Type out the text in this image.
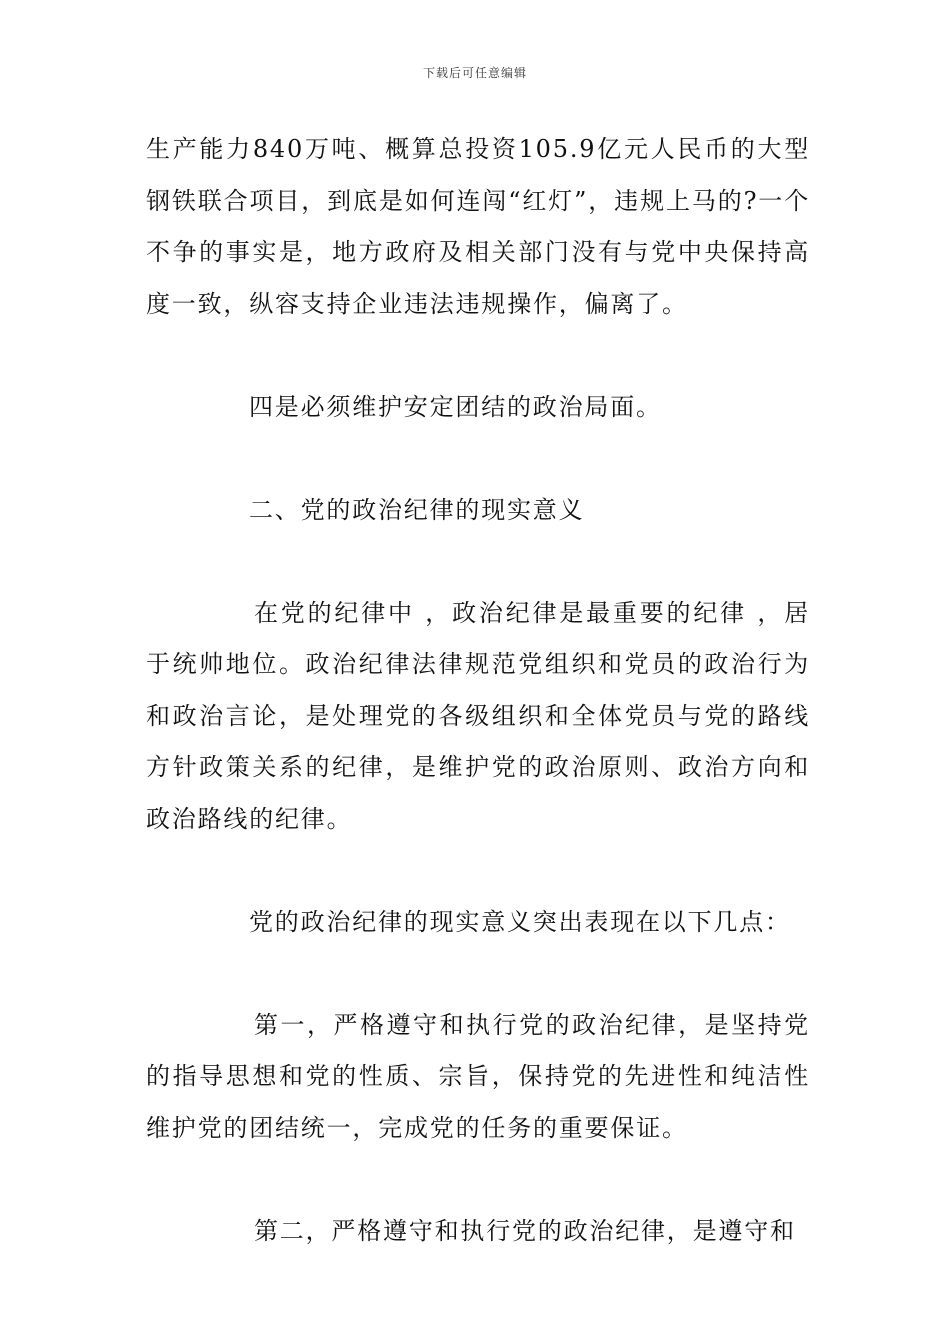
下载后可任意编辑

生产能力840万吨、概算总投资105.9亿元人民币的大型钢铁联合项目，到底是如何连闯“红灯”，违规上马的?一个不争的事实是，地方政府及相关部门没有与党中央保持高度一致，纵容支持企业违法违规操作，偏离了。

四是必须维护安定团结的政治局面。

二、党的政治纪律的现实意义

在党的纪律中 ，政治纪律是最重要的纪律 ，居于统帅地位。政治纪律法律规范党组织和党员的政治行为和政治言论，是处理党的各级组织和全体党员与党的路线方针政策关系的纪律，是维护党的政治原则、政治方向和政治路线的纪律。

党的政治纪律的现实意义突出表现在以下几点：

第一，严格遵守和执行党的政治纪律，是坚持党的指导思想和党的性质、宗旨，保持党的先进性和纯洁性维护党的团结统一，完成党的任务的重要保证。

第二，严格遵守和执行党的政治纪律，是遵守和
